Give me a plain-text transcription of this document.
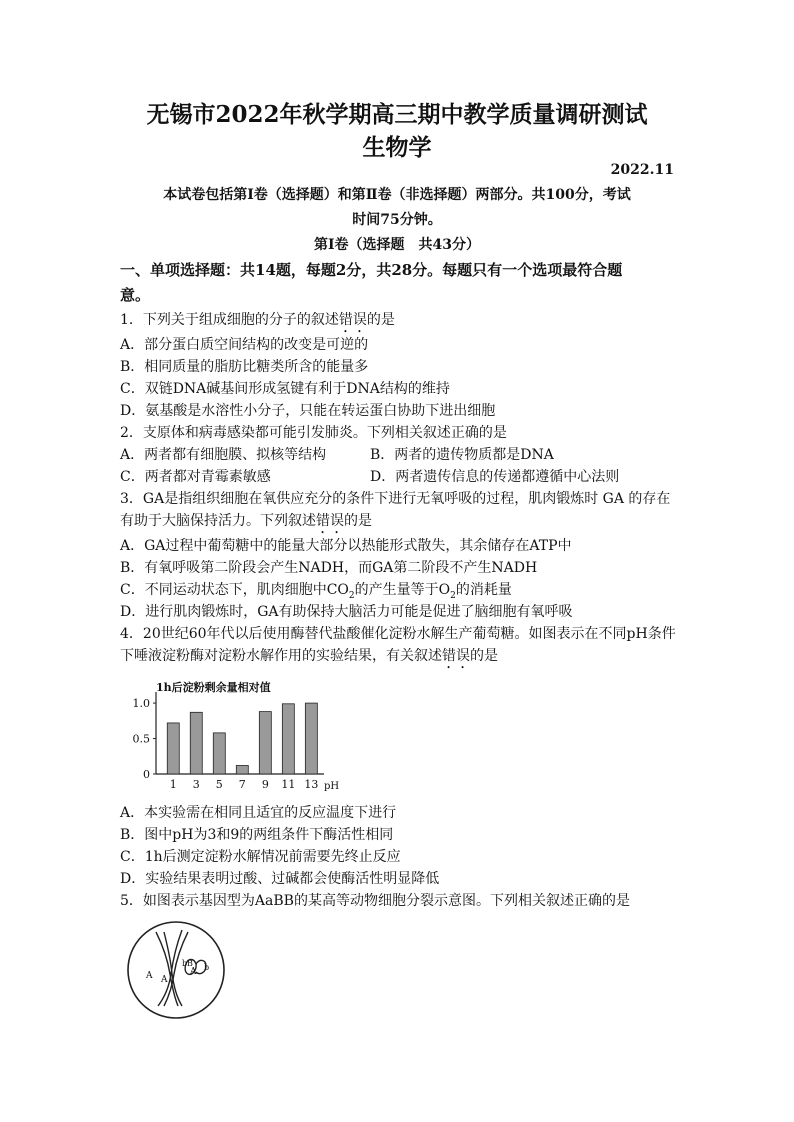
无锡市2022年秋学期高三期中教学质量调研测试
生物学
2022.11
本试卷包括第Ⅰ卷（选择题）和第Ⅱ卷（非选择题）两部分。共100分，考试
时间75分钟。
第Ⅰ卷（选择题　共43分）
一、单项选择题：共14题，每题2分，共28分。每题只有一个选项最符合题
意。
1．下列关于组成细胞的分子的叙述错误的是
A．部分蛋白质空间结构的改变是可逆的
B．相同质量的脂肪比糖类所含的能量多
C．双链DNA碱基间形成氢键有利于DNA结构的维持
D．氨基酸是水溶性小分子，只能在转运蛋白协助下进出细胞
2．支原体和病毒感染都可能引发肺炎。下列相关叙述正确的是
A．两者都有细胞膜、拟核等结构	B．两者的遗传物质都是DNA
C．两者都对青霉素敏感	D．两者遗传信息的传递都遵循中心法则
3．GA是指组织细胞在氧供应充分的条件下进行无氧呼吸的过程，肌肉锻炼时 GA 的存在
有助于大脑保持活力。下列叙述错误的是
A．GA过程中葡萄糖中的能量大部分以热能形式散失，其余储存在ATP中
B．有氧呼吸第二阶段会产生NADH，而GA第二阶段不产生NADH
C．不同运动状态下，肌肉细胞中$CO_2$的产生量等于$O_2$的消耗量
D．进行肌肉锻炼时，GA有助保持大脑活力可能是促进了脑细胞有氧呼吸
4．20世纪60年代以后使用酶替代盐酸催化淀粉水解生产葡萄糖。如图表示在不同pH条件
下唾液淀粉酶对淀粉水解作用的实验结果，有关叙述错误的是
0
0.5
1.0
1 3 5 7 9 11 13
1h后淀粉剩余量相对值
pH
A．本实验需在相同且适宜的反应温度下进行
B．图中pH为3和9的两组条件下酶活性相同
C．1h后测定淀粉水解情况前需要先终止反应
D．实验结果表明过酸、过碱都会使酶活性明显降低
5．如图表示基因型为AaBB的某高等动物细胞分裂示意图。下列相关叙述正确的是
A A
b B
A b
